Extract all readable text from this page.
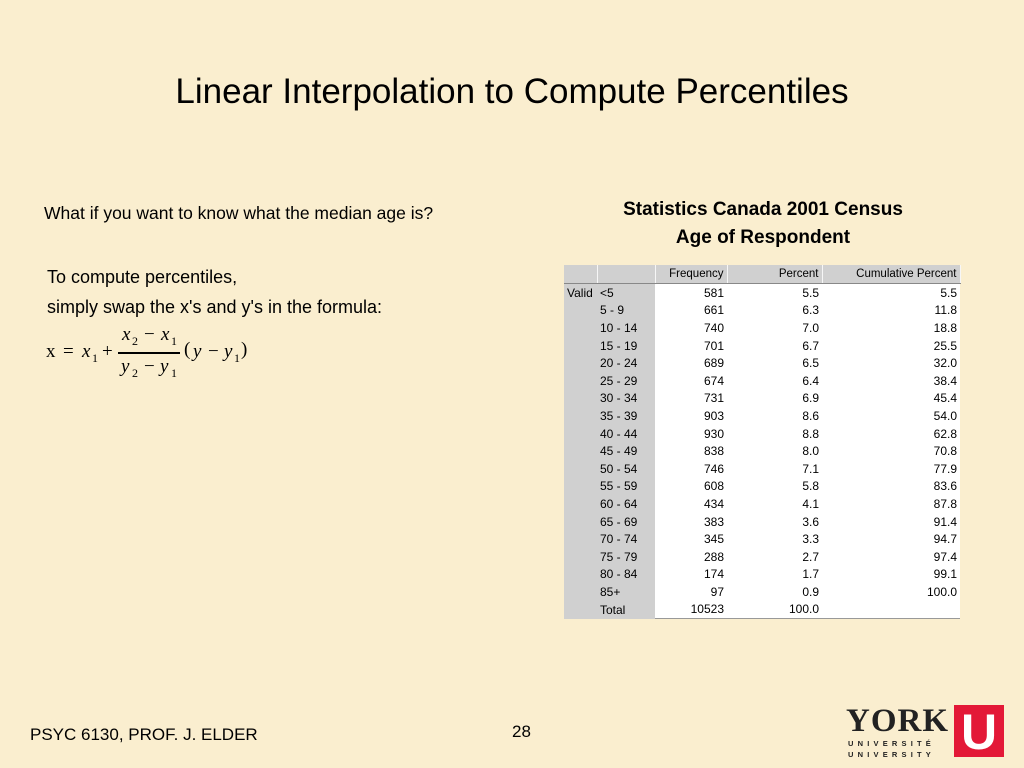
Linear Interpolation to Compute Percentiles
What if you want to know what the median age is?
To compute percentiles,
simply swap the x's and y's in the formula:
x = x 1 +
x 2 − x 1
y 2 − y 1
( y − y 1 )
Statistics Canada 2001 Census
Age of Respondent
		Frequency	Percent	Cumulative Percent
Valid	<5	581	5.5	5.5
	5 - 9	661	6.3	11.8
	10 - 14	740	7.0	18.8
	15 - 19	701	6.7	25.5
	20 - 24	689	6.5	32.0
	25 - 29	674	6.4	38.4
	30 - 34	731	6.9	45.4
	35 - 39	903	8.6	54.0
	40 - 44	930	8.8	62.8
	45 - 49	838	8.0	70.8
	50 - 54	746	7.1	77.9
	55 - 59	608	5.8	83.6
	60 - 64	434	4.1	87.8
	65 - 69	383	3.6	91.4
	70 - 74	345	3.3	94.7
	75 - 79	288	2.7	97.4
	80 - 84	174	1.7	99.1
	85+	97	0.9	100.0
	Total	10523	100.0	
PSYC 6130, PROF. J. ELDER	28	YORK
UNIVERSITÉ
UNIVERSITY U
